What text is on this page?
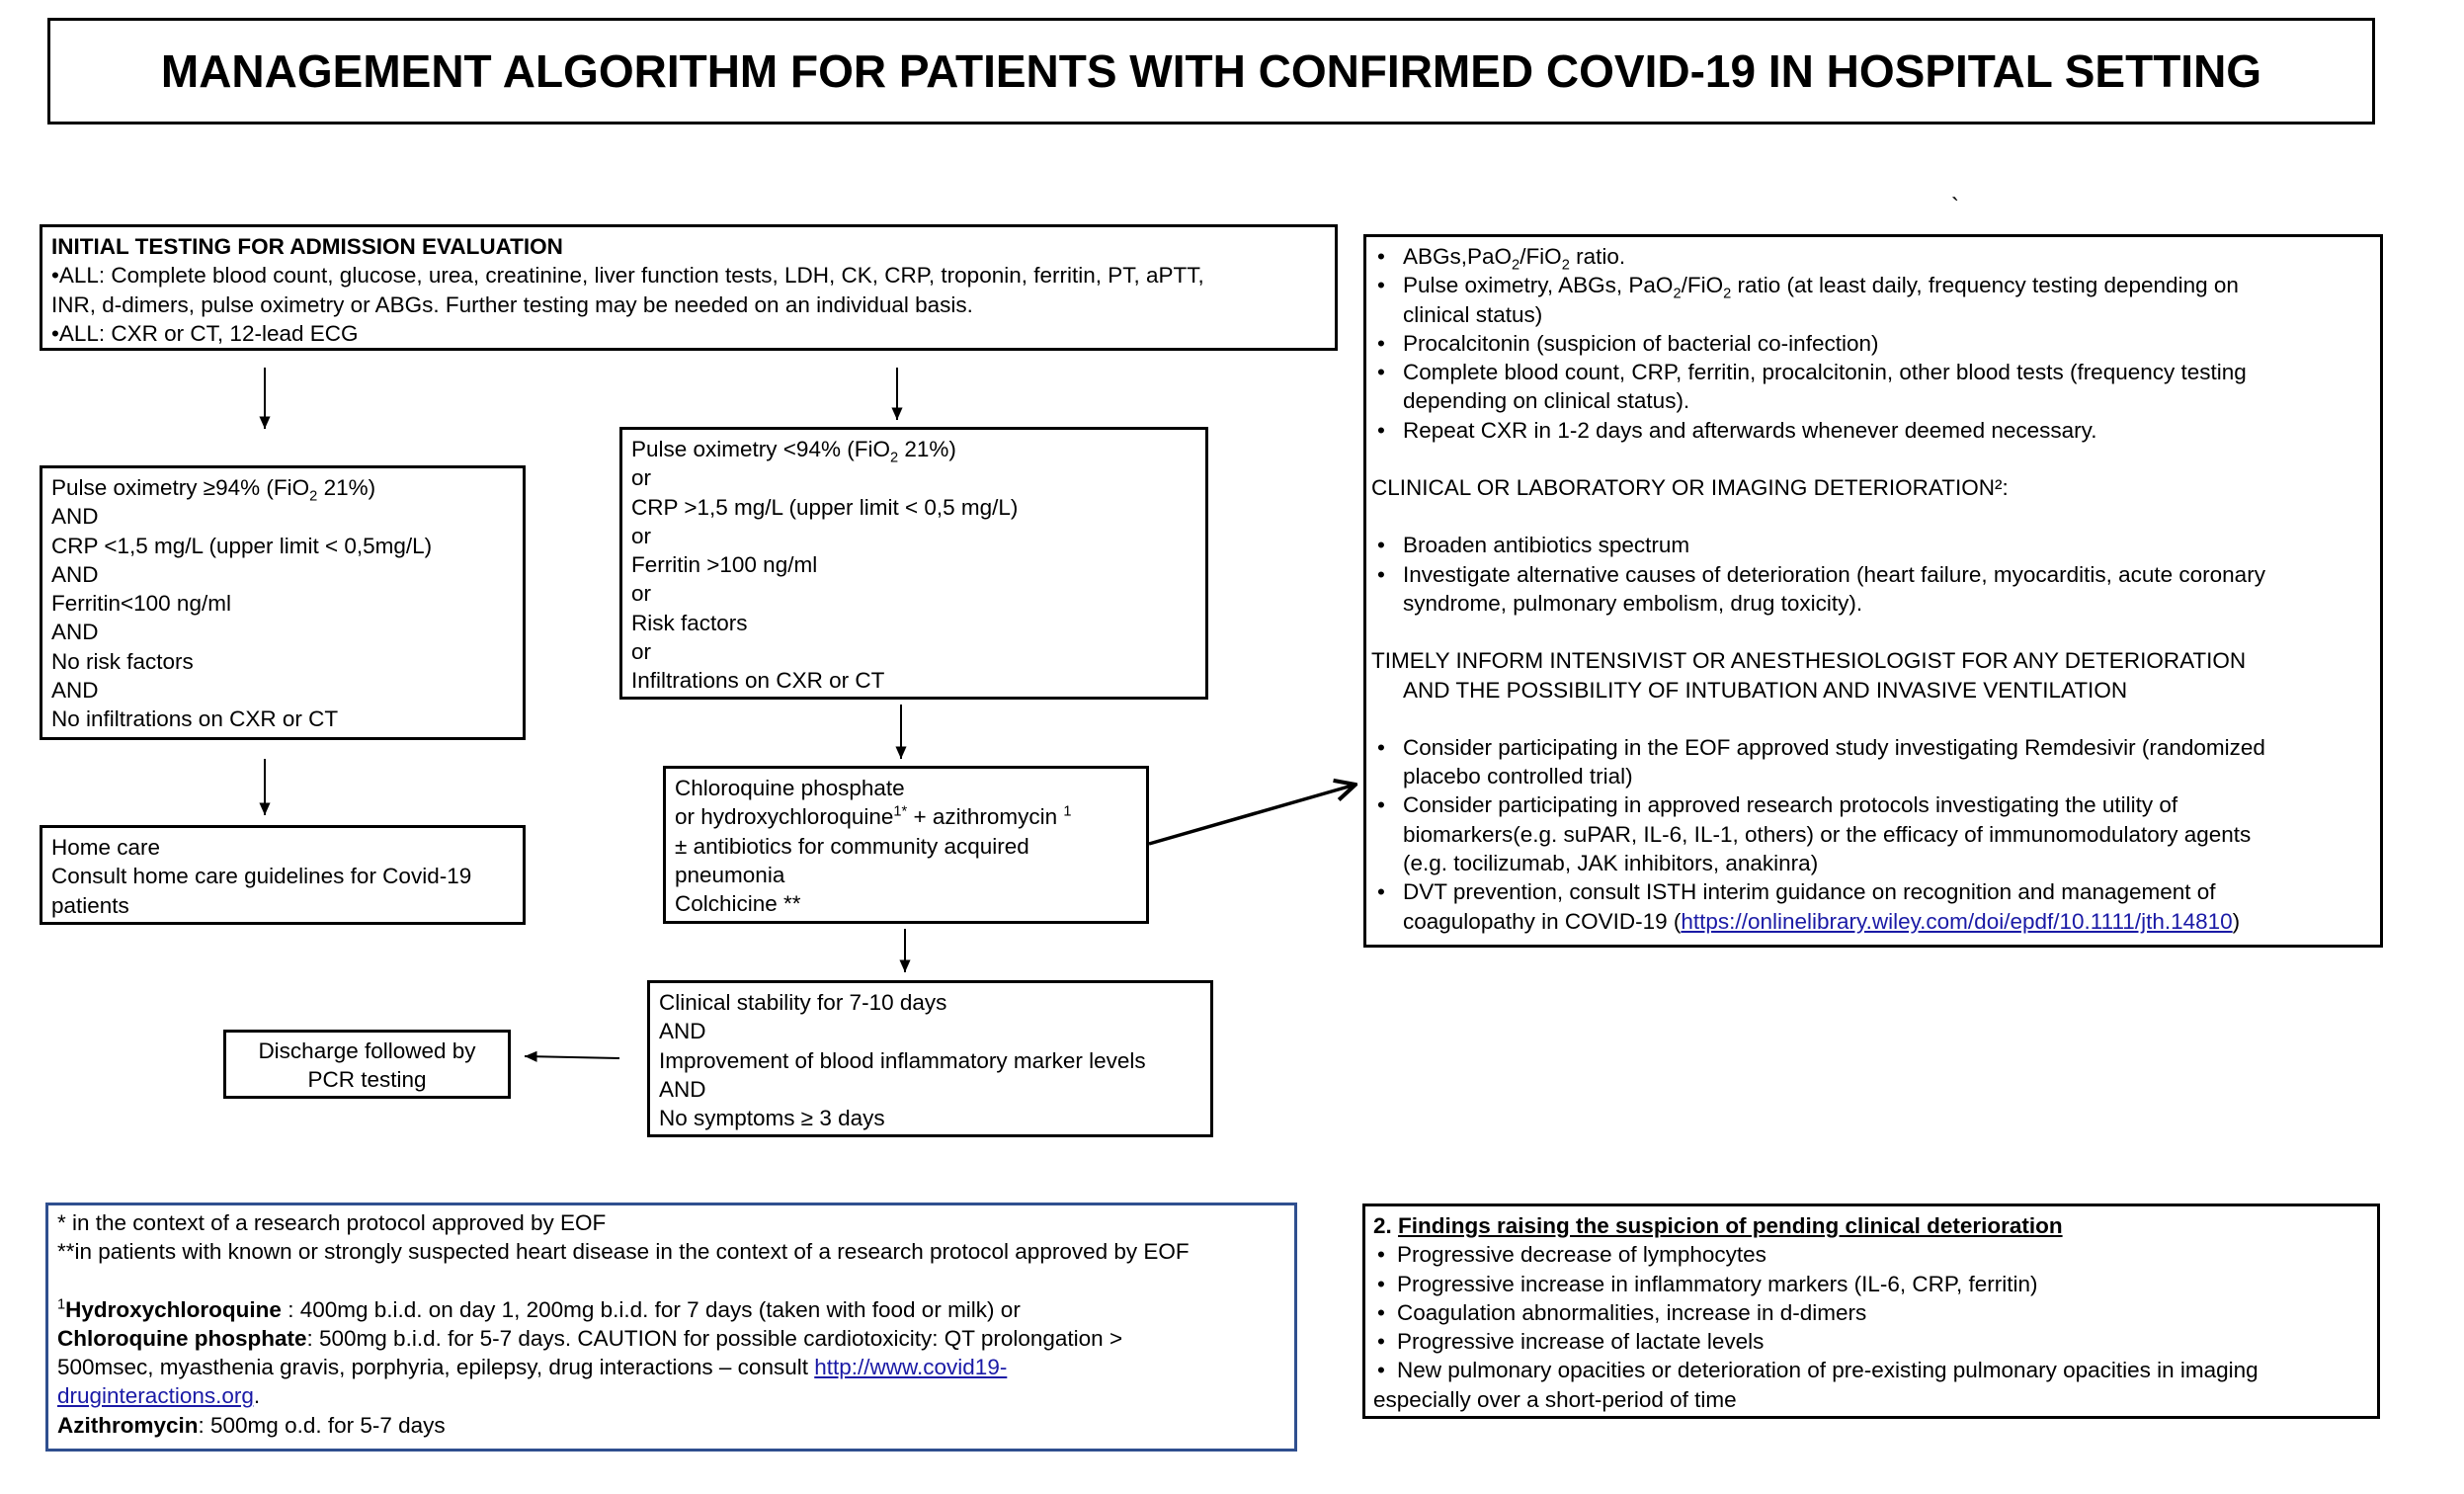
MANAGEMENT ALGORITHM FOR PATIENTS WITH CONFIRMED COVID-19 IN HOSPITAL SETTING
`
INITIAL TESTING FOR ADMISSION EVALUATION
•ALL: Complete blood count, glucose, urea, creatinine, liver function tests, LDH, CK, CRP, troponin, ferritin, PT, aPTT,
INR, d-dimers, pulse oximetry or ABGs. Further testing may be needed on an individual basis.
•ALL: CXR or CT, 12-lead ECG
Pulse oximetry ≥94% (FiO$_2$ 21%)
AND
CRP <1,5 mg/L (upper limit < 0,5mg/L)
AND
Ferritin<100 ng/ml
AND
No risk factors
AND
No infiltrations on CXR or CT
Pulse oximetry <94% (FiO$_2$ 21%)
or
CRP >1,5 mg/L (upper limit < 0,5 mg/L)
or
Ferritin >100 ng/ml
or
Risk factors
or
Infiltrations on CXR or CT
Home care
Consult home care guidelines for Covid-19
patients
Chloroquine phosphate
or hydroxychloroquine$^{1*}$ + azithromycin $^1$
± antibiotics for community acquired
pneumonia
Colchicine **
Clinical stability for 7-10 days
AND
Improvement of blood inflammatory marker levels
AND
No symptoms ≥ 3 days
Discharge followed by
PCR testing
• ABGs,PaO$_2$/FiO$_2$ ratio.
• Pulse oximetry, ABGs, PaO$_2$/FiO$_2$ ratio (at least daily, frequency testing depending on
clinical status)
• Procalcitonin (suspicion of bacterial co-infection)
• Complete blood count, CRP, ferritin, procalcitonin, other blood tests (frequency testing
depending on clinical status).
• Repeat CXR in 1-2 days and afterwards whenever deemed necessary.
CLINICAL OR LABORATORY OR IMAGING DETERIORATION²:
• Broaden antibiotics spectrum
• Investigate alternative causes of deterioration (heart failure, myocarditis, acute coronary
syndrome, pulmonary embolism, drug toxicity).
TIMELY INFORM INTENSIVIST OR ANESTHESIOLOGIST FOR ANY DETERIORATION
AND THE POSSIBILITY OF INTUBATION AND INVASIVE VENTILATION
• Consider participating in the EOF approved study investigating Remdesivir (randomized
placebo controlled trial)
• Consider participating in approved research protocols investigating the utility of
biomarkers(e.g. suPAR, IL-6, IL-1, others) or the efficacy of immunomodulatory agents
(e.g. tocilizumab, JAK inhibitors, anakinra)
• DVT prevention, consult ISTH interim guidance on recognition and management of
coagulopathy in COVID-19 (https://onlinelibrary.wiley.com/doi/epdf/10.1111/jth.14810)
* in the context of a research protocol approved by EOF
**in patients with known or strongly suspected heart disease in the context of a research protocol approved by EOF
$^1$Hydroxychloroquine : 400mg b.i.d. on day 1, 200mg b.i.d. for 7 days (taken with food or milk) or
Chloroquine phosphate: 500mg b.i.d. for 5-7 days. CAUTION for possible cardiotoxicity: QT prolongation >
500msec, myasthenia gravis, porphyria, epilepsy, drug interactions – consult http://www.covid19-
druginteractions.org.
Azithromycin: 500mg o.d. for 5-7 days
2. Findings raising the suspicion of pending clinical deterioration
• Progressive decrease of lymphocytes
• Progressive increase in inflammatory markers (IL-6, CRP, ferritin)
• Coagulation abnormalities, increase in d-dimers
• Progressive increase of lactate levels
• New pulmonary opacities or deterioration of pre-existing pulmonary opacities in imaging
especially over a short-period of time
